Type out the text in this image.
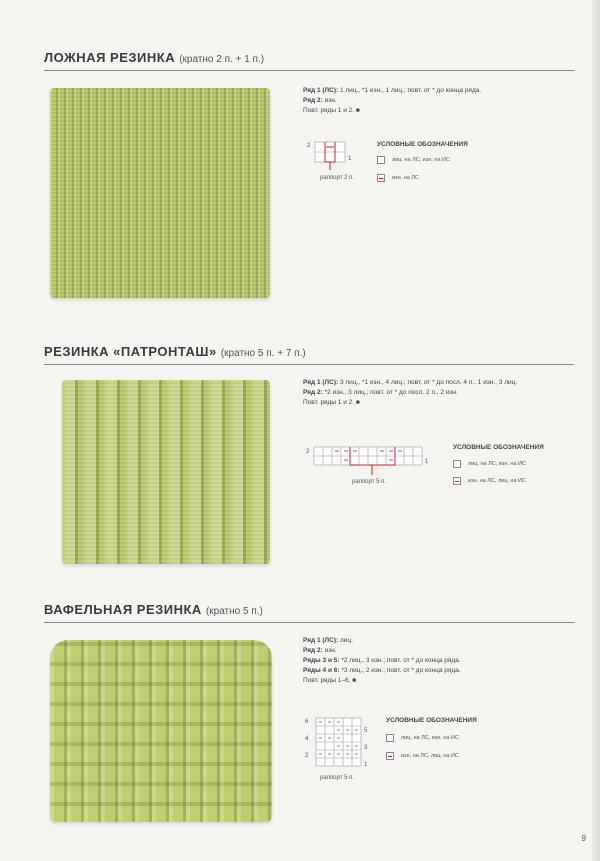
ЛОЖНАЯ РЕЗИНКА (кратно 2 п. + 1 п.)
Ряд 1 (ЛС): 1 лиц., *1 изн., 1 лиц.; повт. от * до конца ряда.
Ряд 2: изн.
Повт. ряды 1 и 2. ■
2
1
раппорт 2 п.
УСЛОВНЫЕ ОБОЗНАЧЕНИЯ
лиц. на ЛС, изн. на ИС
изн. на ЛС
РЕЗИНКА «ПАТРОНТАШ» (кратно 5 п. + 7 п.)
Ряд 1 (ЛС): 3 лиц., *1 изн., 4 лиц.; повт. от * до посл. 4 п., 1 изн., 3 лиц.
Ряд 2: *2 изн., 3 лиц.; повт. от * до посл. 2 п., 2 изн.
Повт. ряды 1 и 2. ■
2
1
раппорт 5 п.
УСЛОВНЫЕ ОБОЗНАЧЕНИЯ
лиц. на ЛС, изн. на ИС
изн. на ЛС, лиц. на ИС
ВАФЕЛЬНАЯ РЕЗИНКА (кратно 5 п.)
Ряд 1 (ЛС): лиц.
Ряд 2: изн.
Ряды 3 и 5: *2 лиц., 3 изн.; повт. от * до конца ряда.
Ряды 4 и 6: *3 лиц., 2 изн.; повт. от * до конца ряда.
Повт. ряды 1–6. ■
6
4
2
5
3
1
раппорт 5 п.
УСЛОВНЫЕ ОБОЗНАЧЕНИЯ
лиц. на ЛС, изн. на ИС
изн. на ЛС, лиц. на ИС
9
